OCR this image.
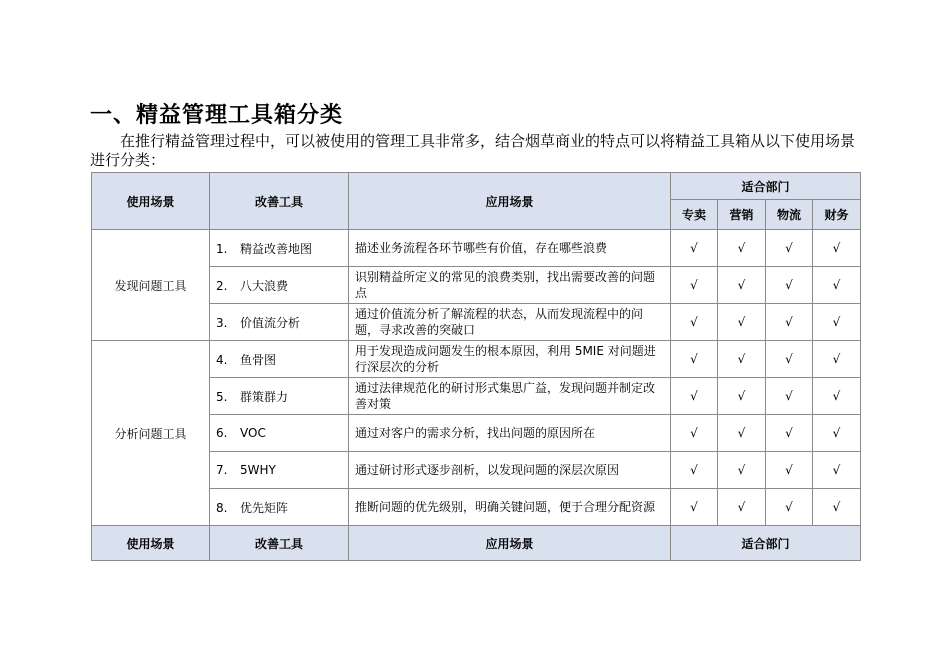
一、精益管理工具箱分类
在推行精益管理过程中，可以被使用的管理工具非常多，结合烟草商业的特点可以将精益工具箱从以下使用场景进行分类：
使用场景	改善工具	应用场景	适合部门			
			专卖	营销	物流	财务
发现问题工具	1. 精益改善地图	描述业务流程各环节哪些有价值，存在哪些浪费	√	√	√	√
	2. 八大浪费	识别精益所定义的常见的浪费类别，找出需要改善的问题点	√	√	√	√
	3. 价值流分析	通过价值流分析了解流程的状态，从而发现流程中的问题，寻求改善的突破口	√	√	√	√
分析问题工具	4. 鱼骨图	用于发现造成问题发生的根本原因，利用 5MIE 对问题进行深层次的分析	√	√	√	√
	5. 群策群力	通过法律规范化的研讨形式集思广益，发现问题并制定改善对策	√	√	√	√
	6. VOC	通过对客户的需求分析，找出问题的原因所在	√	√	√	√
	7. 5WHY	通过研讨形式逐步剖析，以发现问题的深层次原因	√	√	√	√
	8. 优先矩阵	推断问题的优先级别，明确关键问题，便于合理分配资源	√	√	√	√
使用场景	改善工具	应用场景	适合部门			
